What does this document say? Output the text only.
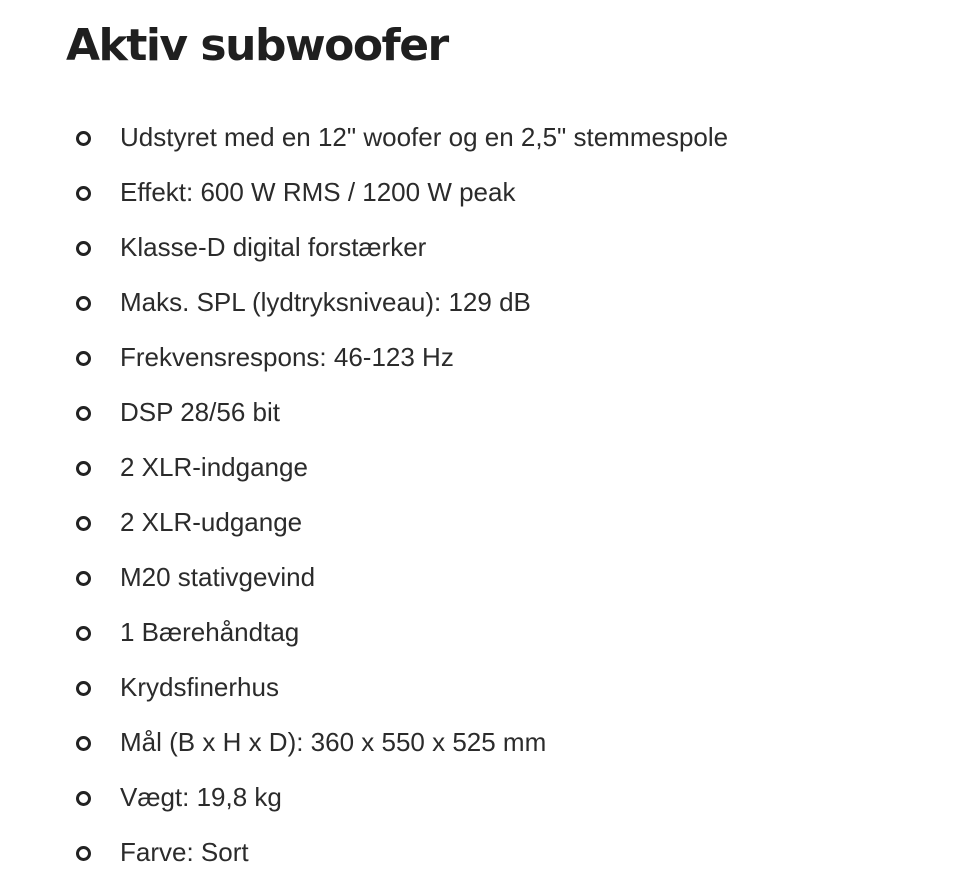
Aktiv subwoofer
Udstyret med en 12" woofer og en 2,5" stemmespole
Effekt: 600 W RMS / 1200 W peak
Klasse-D digital forstærker
Maks. SPL (lydtryksniveau): 129 dB
Frekvensrespons: 46-123 Hz
DSP 28/56 bit
2 XLR-indgange
2 XLR-udgange
M20 stativgevind
1 Bærehåndtag
Krydsfinerhus
Mål (B x H x D): 360 x 550 x 525 mm
Vægt: 19,8 kg
Farve: Sort
